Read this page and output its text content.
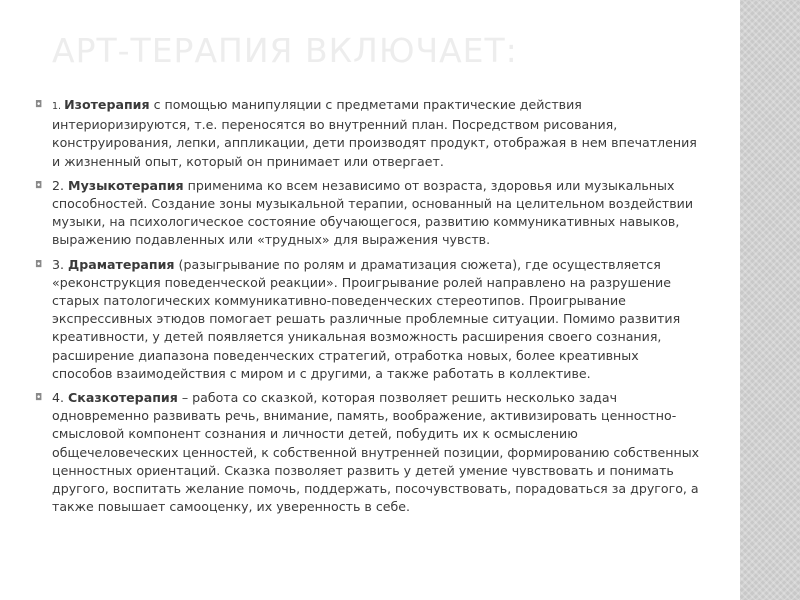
АРТ-ТЕРАПИЯ ВКЛЮЧАЕТ:
◘ 1. Изотерапия с помощью манипуляции с предметами практические действия интериоризируются, т.е. переносятся во внутренний план. Посредством рисования, конструирования, лепки, аппликации, дети производят продукт, отображая в нем впечатления и жизненный опыт, который он принимает или отвергает.
◘ 2. Музыкотерапия применима ко всем независимо от возраста, здоровья или музыкальных способностей. Создание зоны музыкальной терапии, основанный на целительном воздействии музыки, на психологическое состояние обучающегося, развитию коммуникативных навыков, выражению подавленных или «трудных» для выражения чувств.
◘ 3. Драматерапия (разыгрывание по ролям и драматизация сюжета), где осуществляется «реконструкция поведенческой реакции». Проигрывание ролей направлено на разрушение старых патологических коммуникативно-поведенческих стереотипов. Проигрывание экспрессивных этюдов помогает решать различные проблемные ситуации. Помимо развития креативности, у детей появляется уникальная возможность расширения своего сознания, расширение диапазона поведенческих стратегий, отработка новых, более креативных способов взаимодействия с миром и с другими, а также работать в коллективе.
◘ 4. Сказкотерапия – работа со сказкой, которая позволяет решить несколько задач одновременно развивать речь, внимание, память, воображение, активизировать ценностно-смысловой компонент сознания и личности детей, побудить их к осмыслению общечеловеческих ценностей, к собственной внутренней позиции, формированию собственных ценностных ориентаций. Сказка позволяет развить у детей умение чувствовать и понимать другого, воспитать желание помочь, поддержать, посочувствовать, порадоваться за другого, а также повышает самооценку, их уверенность в себе.
